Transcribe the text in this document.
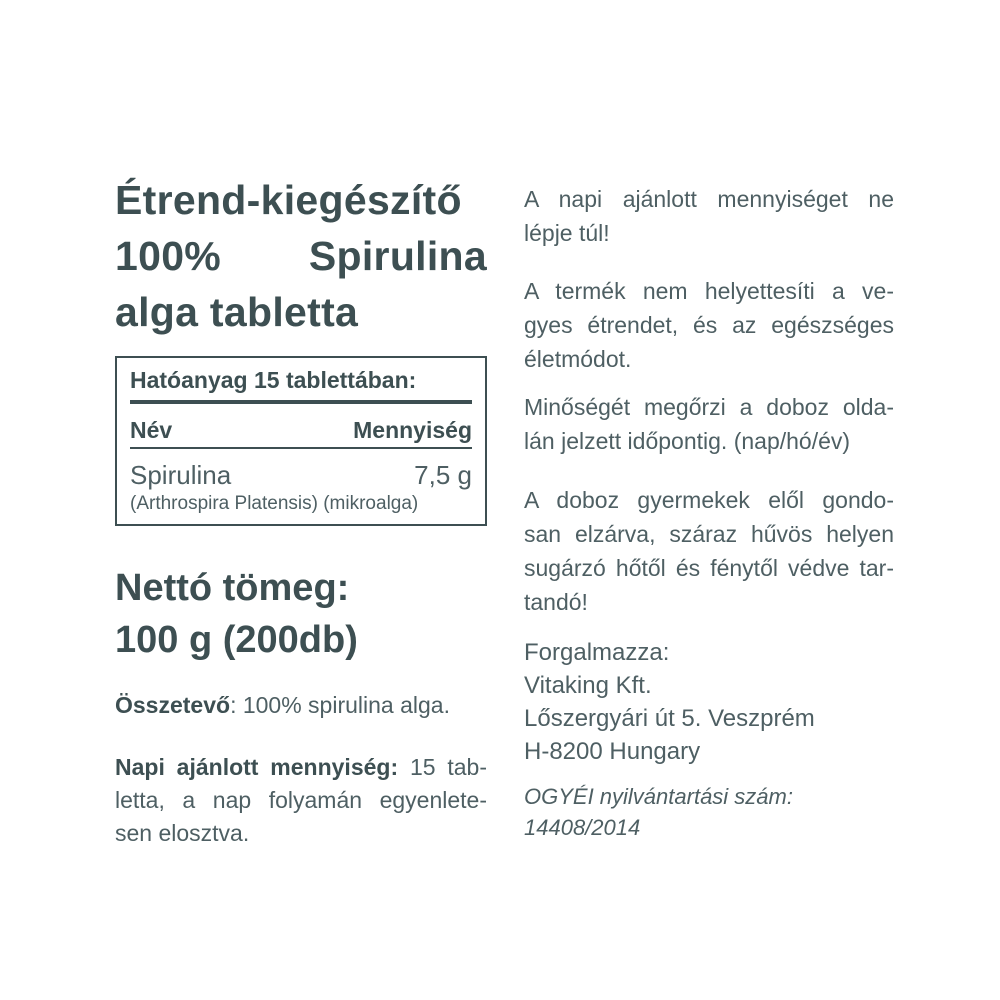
Étrend-kiegészítő
100% Spirulina
alga tabletta
Hatóanyag 15 tablettában:
Név	Mennyiség
Spirulina	7,5 g
(Arthrospira Platensis) (mikroalga)
Nettó tömeg:
100 g (200db)
Összetevő: 100% spirulina alga.
Napi ajánlott mennyiség: 15 tab-
letta, a nap folyamán egyenlete-
sen elosztva.
A napi ajánlott mennyiséget ne
lépje túl!
A termék nem helyettesíti a ve-
gyes étrendet, és az egészséges
életmódot.
Minőségét megőrzi a doboz olda-
lán jelzett időpontig. (nap/hó/év)
A doboz gyermekek elől gondo-
san elzárva, száraz hűvös helyen
sugárzó hőtől és fénytől védve tar-
tandó!
Forgalmazza:
Vitaking Kft.
Lőszergyári út 5. Veszprém
H-8200 Hungary
OGYÉI nyilvántartási szám:
14408/2014
